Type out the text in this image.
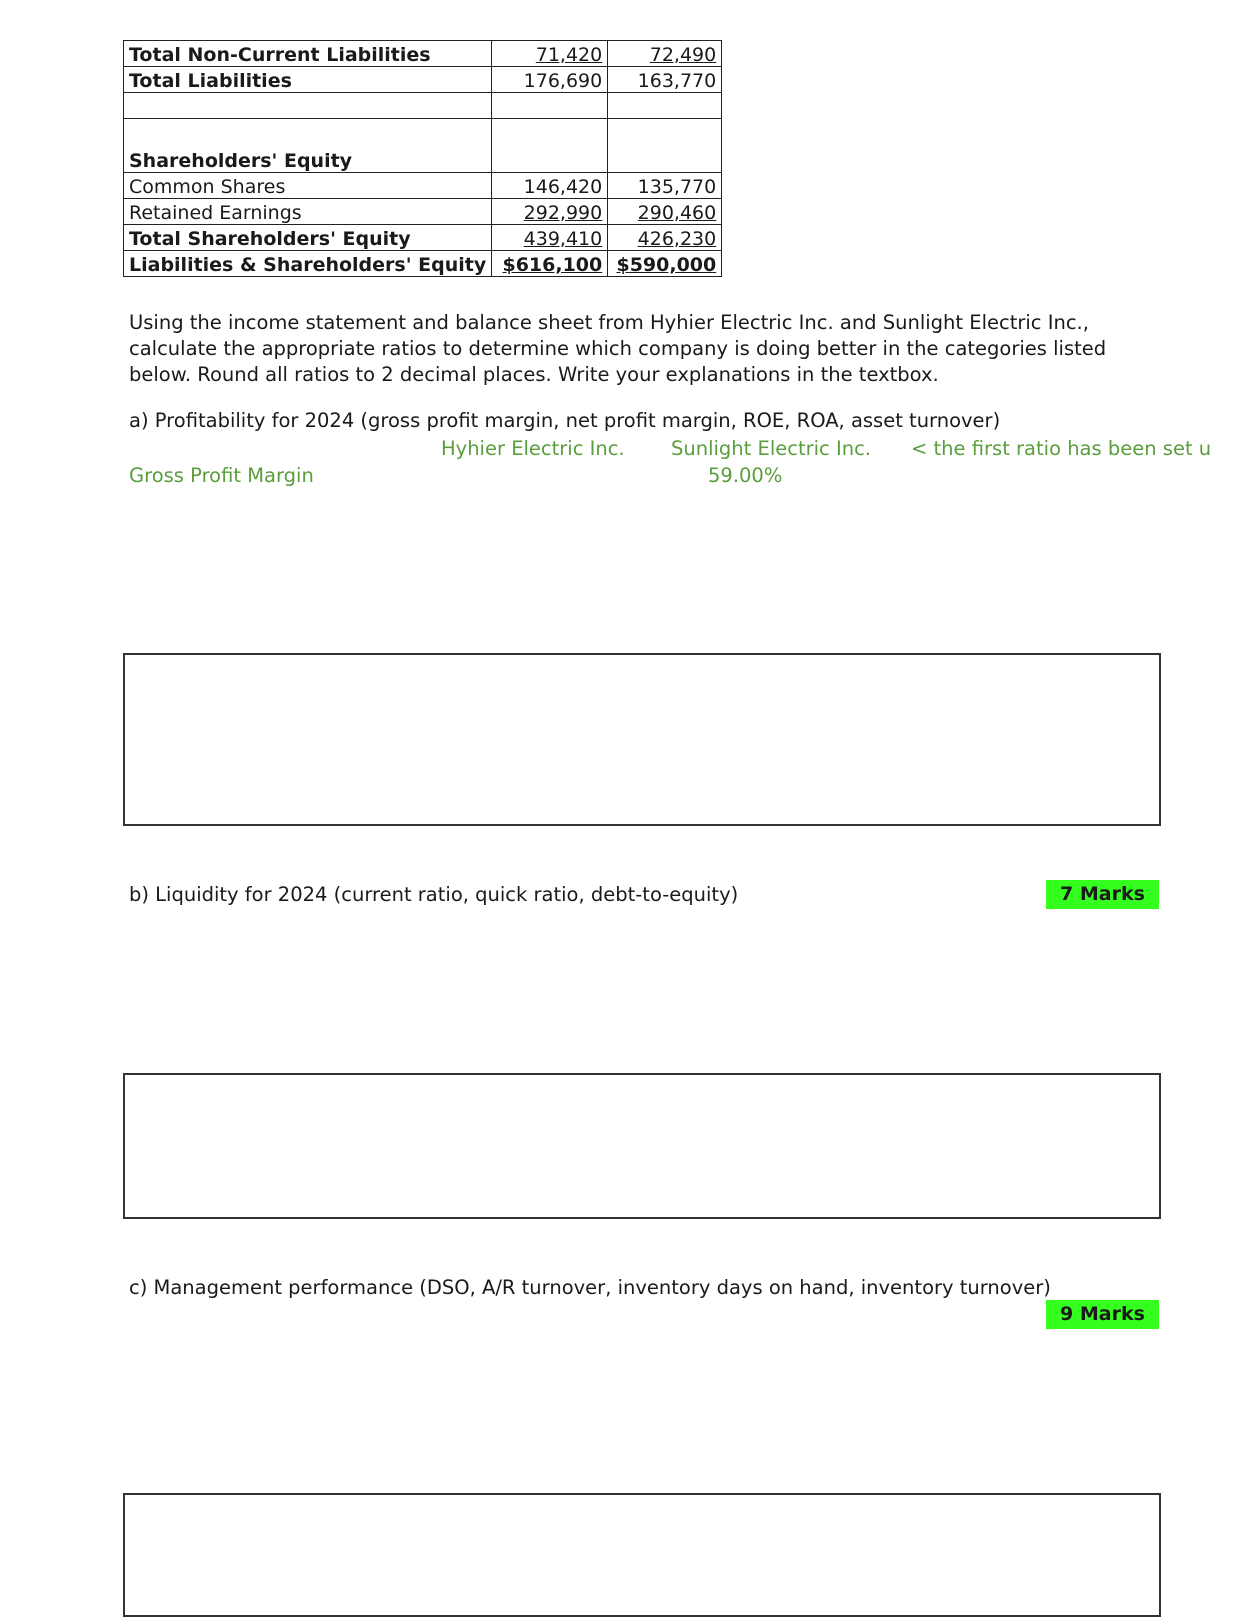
Total Non-Current Liabilities	71,420	72,490
Total Liabilities	176,690	163,770

Shareholders' Equity		
Common Shares	146,420	135,770
Retained Earnings	292,990	290,460
Total Shareholders' Equity	439,410	426,230
Liabilities & Shareholders' Equity	$616,100	$590,000
Using the income statement and balance sheet from Hyhier Electric Inc. and Sunlight Electric Inc., calculate the appropriate ratios to determine which company is doing better in the categories listed below. Round all ratios to 2 decimal places. Write your explanations in the textbox.
a) Profitability for 2024 (gross profit margin, net profit margin, ROE, ROA, asset turnover)
Hyhier Electric Inc. Sunlight Electric Inc. < the first ratio has been set u
Gross Profit Margin	59.00%
b) Liquidity for 2024 (current ratio, quick ratio, debt-to-equity)	7 Marks
c) Management performance (DSO, A/R turnover, inventory days on hand, inventory turnover)
9 Marks
